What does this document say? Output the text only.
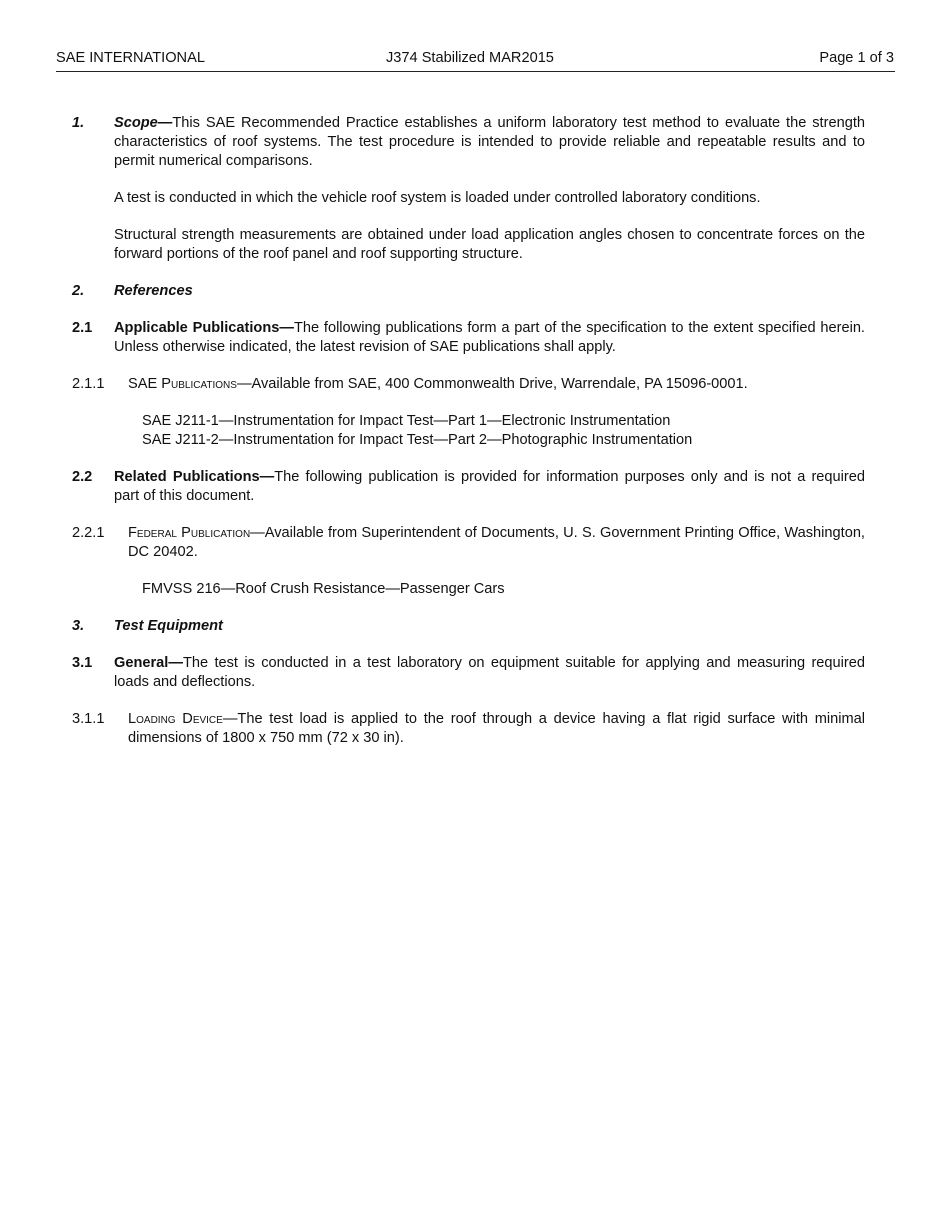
SAE INTERNATIONAL	J374 Stabilized MAR2015	Page 1 of 3
1. Scope—This SAE Recommended Practice establishes a uniform laboratory test method to evaluate the strength characteristics of roof systems. The test procedure is intended to provide reliable and repeatable results and to permit numerical comparisons.
A test is conducted in which the vehicle roof system is loaded under controlled laboratory conditions.
Structural strength measurements are obtained under load application angles chosen to concentrate forces on the forward portions of the roof panel and roof supporting structure.
2. References
2.1 Applicable Publications—The following publications form a part of the specification to the extent specified herein. Unless otherwise indicated, the latest revision of SAE publications shall apply.
2.1.1 SAE Publications—Available from SAE, 400 Commonwealth Drive, Warrendale, PA 15096-0001.
SAE J211-1—Instrumentation for Impact Test—Part 1—Electronic Instrumentation
SAE J211-2—Instrumentation for Impact Test—Part 2—Photographic Instrumentation
2.2 Related Publications—The following publication is provided for information purposes only and is not a required part of this document.
2.2.1 Federal Publication—Available from Superintendent of Documents, U. S. Government Printing Office, Washington, DC 20402.
FMVSS 216—Roof Crush Resistance—Passenger Cars
3. Test Equipment
3.1 General—The test is conducted in a test laboratory on equipment suitable for applying and measuring required loads and deflections.
3.1.1 Loading Device—The test load is applied to the roof through a device having a flat rigid surface with minimal dimensions of 1800 x 750 mm (72 x 30 in).
